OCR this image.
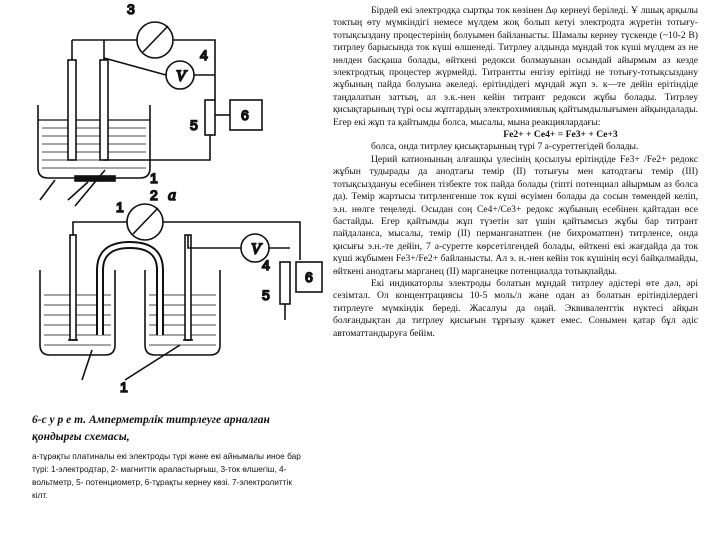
V
6
3
4
5
1
2 а
V
6
1
4
5
1

6-с у р е т. Амперметрлік титрлеуге арналған қондырғы схемасы,

а-тұрақты платиналы екі электроды түрі және екі айнымалы иное бар түрі: 1-электродтар, 2- магниттік араластырғыш, 3-ток өлшегіш, 4- вольтметр, 5- потенциометр, 6-тұрақты кернеу көзі. 7-электролиттік кілт.

Бірдей екі электродқа сыртқы ток көзінен Δφ кернеуі беріледі. Ұ лшық арқылы токтың өту мүмкіндігі немесе мүлдем жоқ болып кетуі электродта жүретін тотығу-тотықсыздану процестерінің болуымен байланысты. Шамалы кернеу түскенде (~10-2 В) титрлеу барысында ток күші өлшенеді. Титрлеу алдында мұндай ток күші мүлдем аз не нөлден басқаша болады, өйткені редокси болмауынан осындай айырмым аз кезде электродтық процестер жүрмейді. Титрантты енгізу ерітінді не тотығу-тотықсыздану жұбының пайда болуына әкеледі. ерітіндідегі мұндай жұп э. к—те дейін ерітіндіде таңдалатын заттың, ал э.к.-нен кейін титрант редокси жұбы болады. Титрлеу қисықтарының түрі осы жұптардың электрохимиялық қайтымдылығымен айқындалады. Егер екі жұп та қайтымды болса, мысалы, мына реакциялардағы:

Fe2+ + Ce4+ = Fe3+ + Ce+3

болса, онда титрлеу қисықтарының түрі 7 а-суреттегідей болады.

Церий катионының алғашқы үлесінің қосылуы ерітіндіде Fe3+ /Fe2+ редокс жұбын тудырады да анодтағы темір (ІІ) тотығуы мен катодтағы темір (ІІІ) тотықсыздануы есебінен тізбекте ток пайда болады (тіпті потенциал айырмым аз болса да). Темір жартысы титрленгенше ток күші өсуімен болады да сосын төмендей келіп, э.н. нөлге теңеледі. Осыдан соң Ce4+/Ce3+ редокс жұбының есебінен қайтадан өсе бастайды. Егер қайтымды жұп түзетін зат үшін қайтымсыз жұбы бар титрант пайдаланса, мысалы, темір (ІІ) перманганатпен (не бихроматпен) титрленсе, онда қисығы э.н.-те дейін, 7 а-суретте көрсетілгендей болады, өйткені екі жағдайда да ток күші жұбымен Fe3+/Fe2+ байланысты. Ал э. н.-нен кейін ток күшінің өсуі байқалмайды, өйткені анодтағы марганец (ІІ) марганецке потенциалда тотықпайды.

Екі индикаторлы электроды болатын мұндай титрлеу әдістері өте дәл, әрі сезімтал. Ол концентрациясы 10-5 моль/л және одан аз болатын ерітінділердегі титрлеуге мүмкіндік береді. Жасалуы да оңай. Эквиваленттік нүктесі айқын болғандықтан да титрлеу қисығын тұрғызу қажет емес. Сонымен қатар бұл әдіс автоматтандыруға бейім.
